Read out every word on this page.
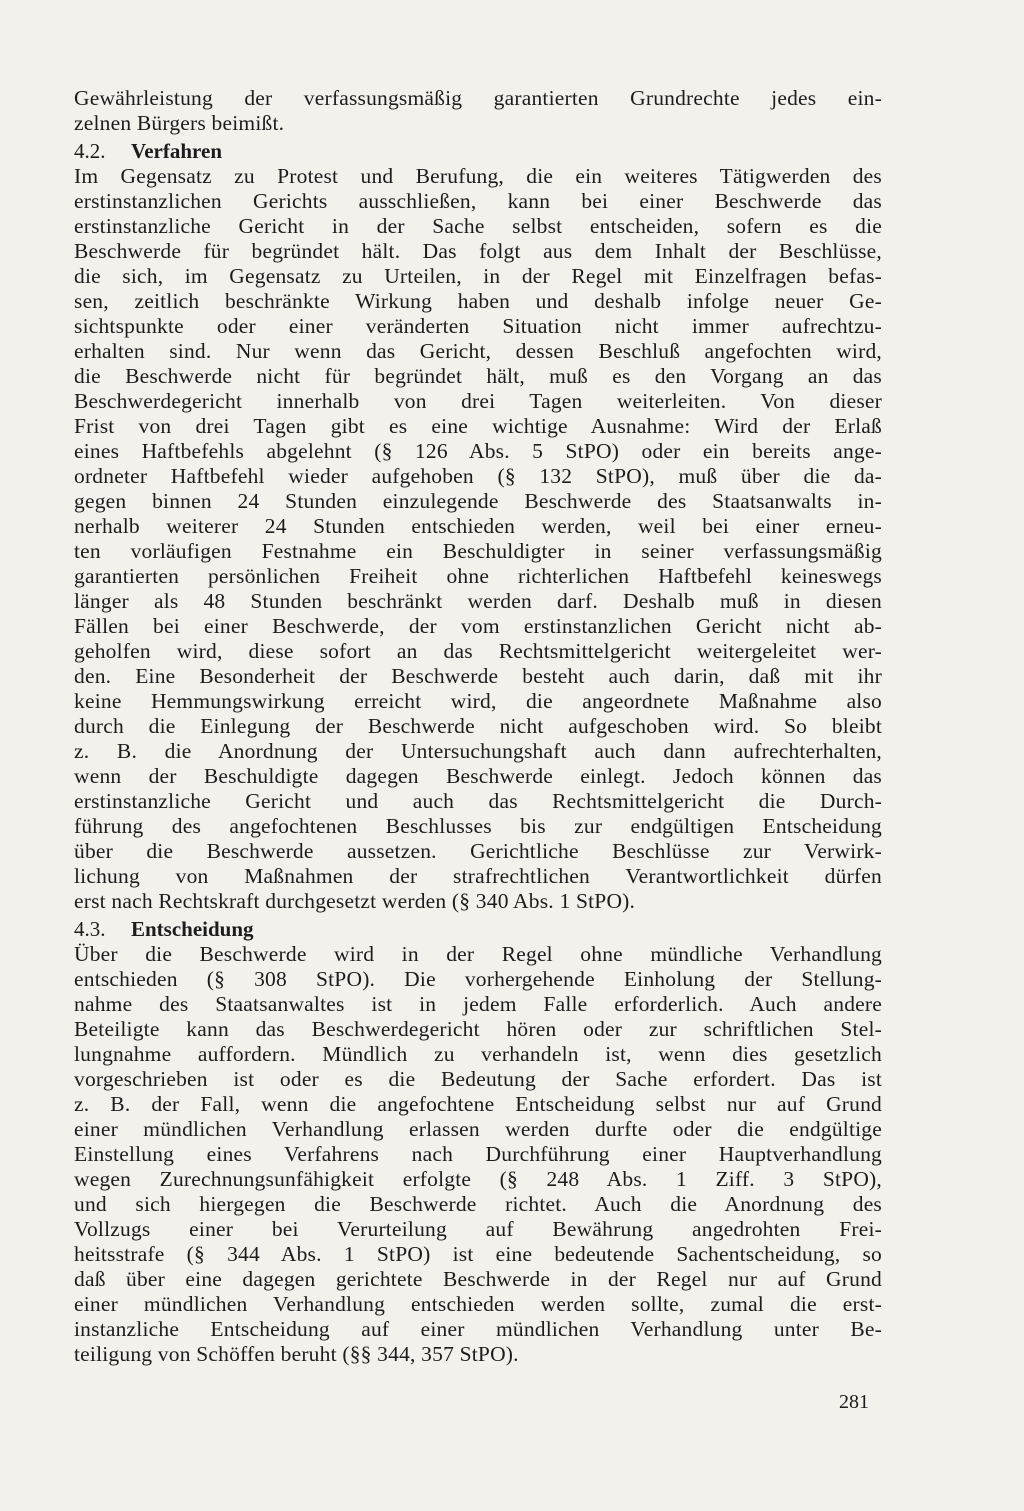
Gewährleistung der verfassungsmäßig garantierten Grundrechte jedes ein-
zelnen Bürgers beimißt.
4.2. Verfahren
Im Gegensatz zu Protest und Berufung, die ein weiteres Tätigwerden des
erstinstanzlichen Gerichts ausschließen, kann bei einer Beschwerde das
erstinstanzliche Gericht in der Sache selbst entscheiden, sofern es die
Beschwerde für begründet hält. Das folgt aus dem Inhalt der Beschlüsse,
die sich, im Gegensatz zu Urteilen, in der Regel mit Einzelfragen befas-
sen, zeitlich beschränkte Wirkung haben und deshalb infolge neuer Ge-
sichtspunkte oder einer veränderten Situation nicht immer aufrechtzu-
erhalten sind. Nur wenn das Gericht, dessen Beschluß angefochten wird,
die Beschwerde nicht für begründet hält, muß es den Vorgang an das
Beschwerdegericht innerhalb von drei Tagen weiterleiten. Von dieser
Frist von drei Tagen gibt es eine wichtige Ausnahme: Wird der Erlaß
eines Haftbefehls abgelehnt (§ 126 Abs. 5 StPO) oder ein bereits ange-
ordneter Haftbefehl wieder aufgehoben (§ 132 StPO), muß über die da-
gegen binnen 24 Stunden einzulegende Beschwerde des Staatsanwalts in-
nerhalb weiterer 24 Stunden entschieden werden, weil bei einer erneu-
ten vorläufigen Festnahme ein Beschuldigter in seiner verfassungsmäßig
garantierten persönlichen Freiheit ohne richterlichen Haftbefehl keineswegs
länger als 48 Stunden beschränkt werden darf. Deshalb muß in diesen
Fällen bei einer Beschwerde, der vom erstinstanzlichen Gericht nicht ab-
geholfen wird, diese sofort an das Rechtsmittelgericht weitergeleitet wer-
den. Eine Besonderheit der Beschwerde besteht auch darin, daß mit ihr
keine Hemmungswirkung erreicht wird, die angeordnete Maßnahme also
durch die Einlegung der Beschwerde nicht aufgeschoben wird. So bleibt
z. B. die Anordnung der Untersuchungshaft auch dann aufrechterhalten,
wenn der Beschuldigte dagegen Beschwerde einlegt. Jedoch können das
erstinstanzliche Gericht und auch das Rechtsmittelgericht die Durch-
führung des angefochtenen Beschlusses bis zur endgültigen Entscheidung
über die Beschwerde aussetzen. Gerichtliche Beschlüsse zur Verwirk-
lichung von Maßnahmen der strafrechtlichen Verantwortlichkeit dürfen
erst nach Rechtskraft durchgesetzt werden (§ 340 Abs. 1 StPO).
4.3. Entscheidung
Über die Beschwerde wird in der Regel ohne mündliche Verhandlung
entschieden (§ 308 StPO). Die vorhergehende Einholung der Stellung-
nahme des Staatsanwaltes ist in jedem Falle erforderlich. Auch andere
Beteiligte kann das Beschwerdegericht hören oder zur schriftlichen Stel-
lungnahme auffordern. Mündlich zu verhandeln ist, wenn dies gesetzlich
vorgeschrieben ist oder es die Bedeutung der Sache erfordert. Das ist
z. B. der Fall, wenn die angefochtene Entscheidung selbst nur auf Grund
einer mündlichen Verhandlung erlassen werden durfte oder die endgültige
Einstellung eines Verfahrens nach Durchführung einer Hauptverhandlung
wegen Zurechnungsunfähigkeit erfolgte (§ 248 Abs. 1 Ziff. 3 StPO),
und sich hiergegen die Beschwerde richtet. Auch die Anordnung des
Vollzugs einer bei Verurteilung auf Bewährung angedrohten Frei-
heitsstrafe (§ 344 Abs. 1 StPO) ist eine bedeutende Sachentscheidung, so
daß über eine dagegen gerichtete Beschwerde in der Regel nur auf Grund
einer mündlichen Verhandlung entschieden werden sollte, zumal die erst-
instanzliche Entscheidung auf einer mündlichen Verhandlung unter Be-
teiligung von Schöffen beruht (§§ 344, 357 StPO).
281
